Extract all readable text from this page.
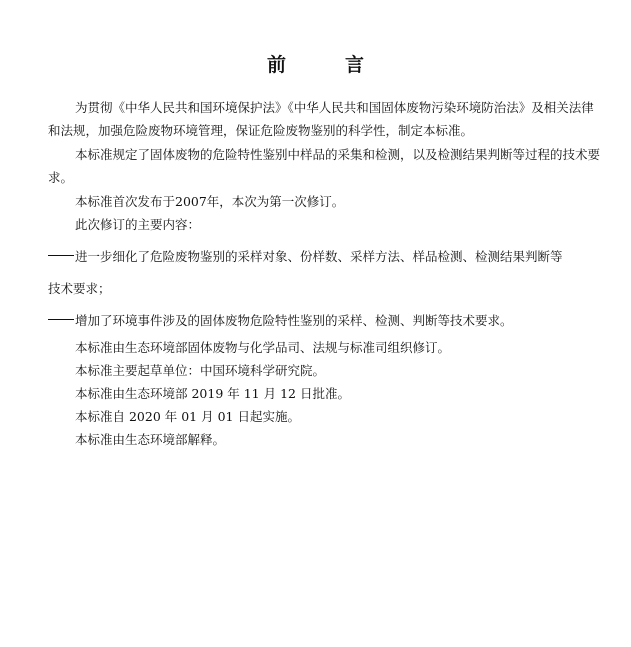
前　言

为贯彻《中华人民共和国环境保护法》《中华人民共和国固体废物污染环境防治法》及相关法律和法规，加强危险废物环境管理，保证危险废物鉴别的科学性，制定本标准。

本标准规定了固体废物的危险特性鉴别中样品的采集和检测，以及检测结果判断等过程的技术要求。

本标准首次发布于2007年，本次为第一次修订。

此次修订的主要内容：

进一步细化了危险废物鉴别的采样对象、份样数、采样方法、样品检测、检测结果判断等
技术要求；
增加了环境事件涉及的固体废物危险特性鉴别的采样、检测、判断等技术要求。

本标准由生态环境部固体废物与化学品司、法规与标准司组织修订。

本标准主要起草单位：中国环境科学研究院。

本标准由生态环境部 2019 年 11 月 12 日批准。

本标准自 2020 年 01 月 01 日起实施。

本标准由生态环境部解释。
